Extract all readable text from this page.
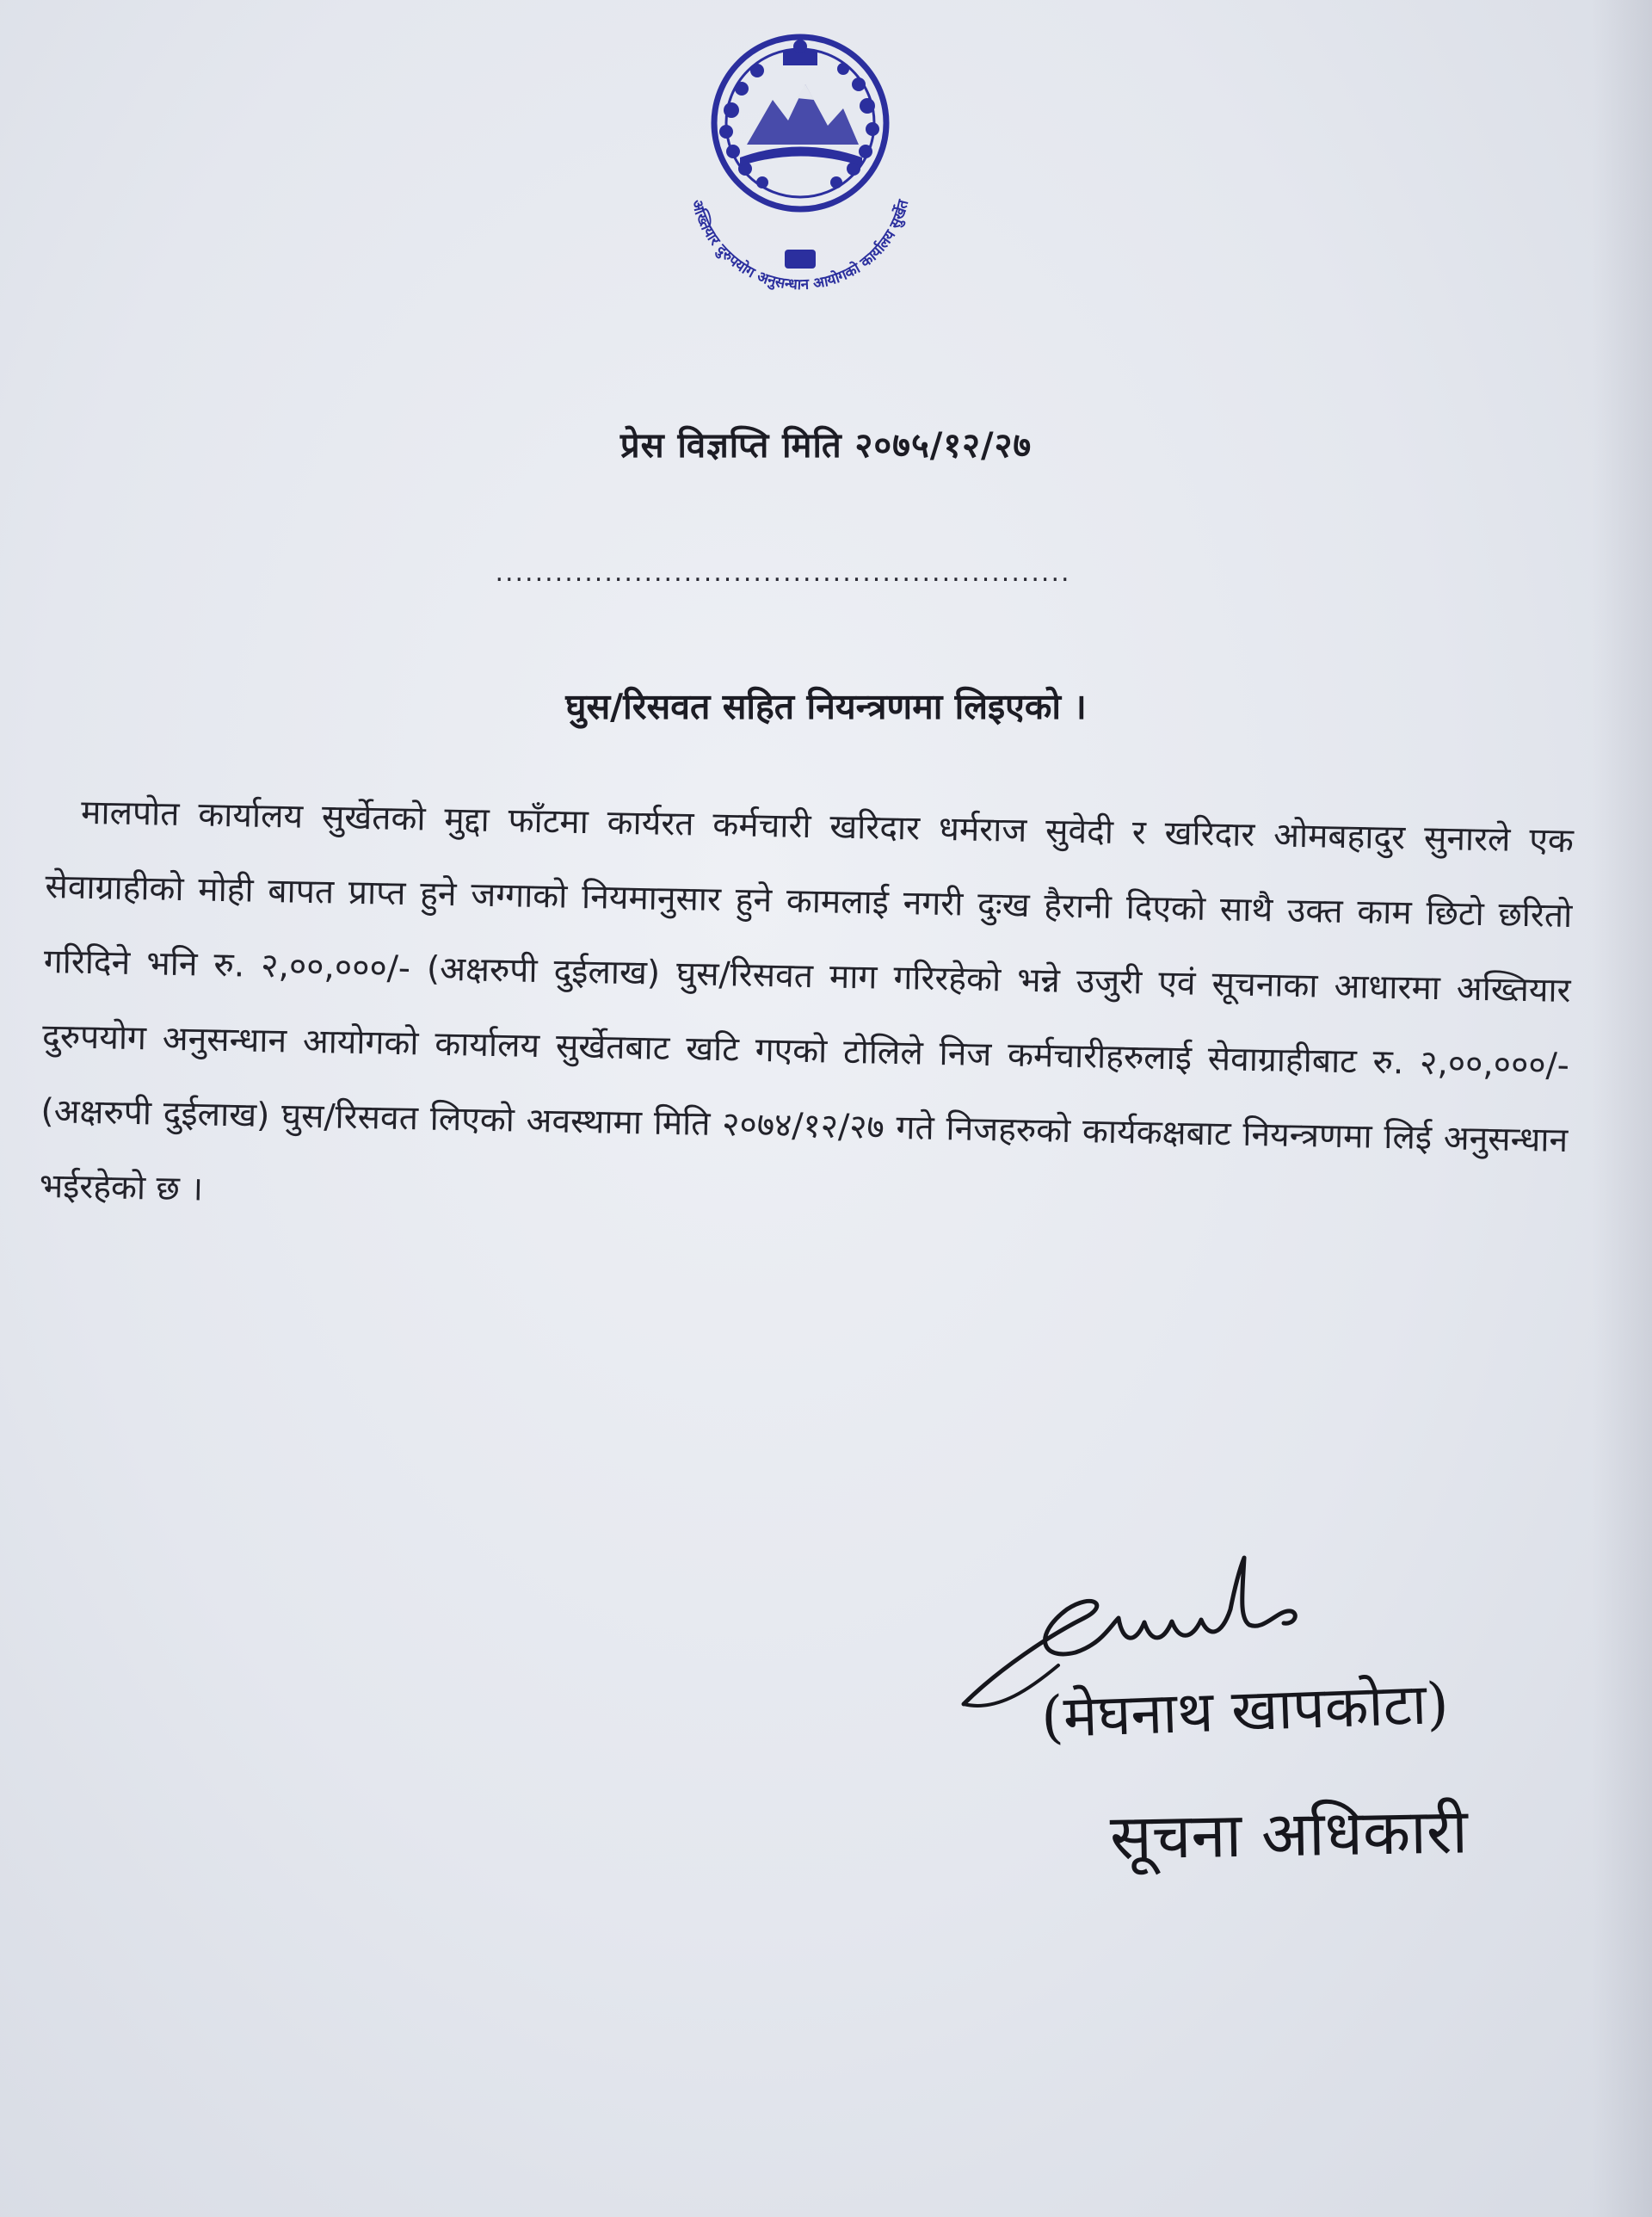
अख्तियार दुरुपयोग अनुसन्धान आयोगको कार्यालय सुर्खेत
प्रेस विज्ञप्ति मिति २०७५/१२/२७
..........................................................
घुस/रिसवत सहित नियन्त्रणमा लिइएको ।
मालपोत कार्यालय सुर्खेतको मुद्दा फाँटमा कार्यरत कर्मचारी खरिदार धर्मराज सुवेदी र खरिदार ओमबहादुर सुनारले एक सेवाग्राहीको मोही बापत प्राप्त हुने जग्गाको नियमानुसार हुने कामलाई नगरी दुःख हैरानी दिएको साथै उक्त काम छिटो छरितो गरिदिने भनि रु. २,००,०००/- (अक्षरुपी दुईलाख) घुस/रिसवत माग गरिरहेको भन्ने उजुरी एवं सूचनाका आधारमा अख्तियार दुरुपयोग अनुसन्धान आयोगको कार्यालय सुर्खेतबाट खटि गएको टोलिले निज कर्मचारीहरुलाई सेवाग्राहीबाट रु. २,००,०००/- (अक्षरुपी दुईलाख) घुस/रिसवत लिएको अवस्थामा मिति २०७४/१२/२७ गते निजहरुको कार्यकक्षबाट नियन्त्रणमा लिई अनुसन्धान भईरहेको छ ।
(मेघनाथ खापकोटा)
सूचना अधिकारी
